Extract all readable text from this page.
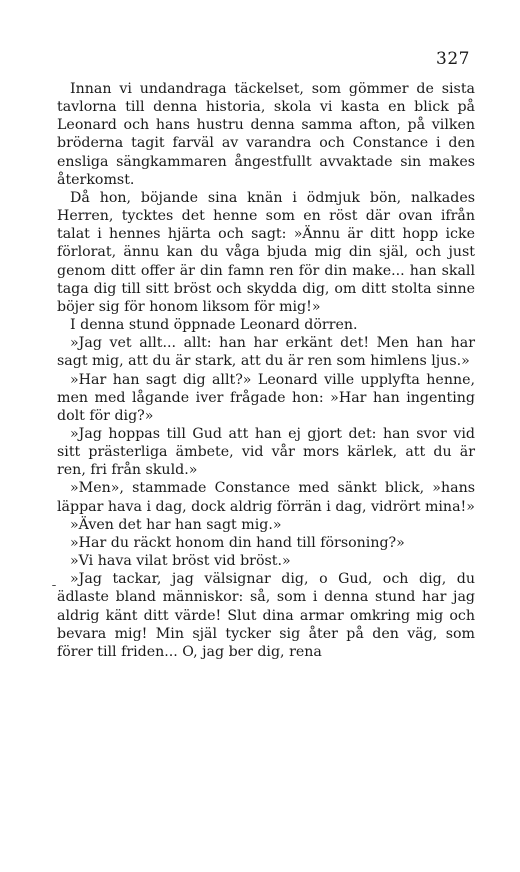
327

Innan vi undandraga täckelset, som gömmer de sista tavlorna till denna historia, skola vi kasta en blick på Leonard och hans hustru denna samma afton, på vilken bröderna tagit farväl av varandra och Constance i den ensliga sängkammaren ångestfullt avvaktade sin makes återkomst.

Då hon, böjande sina knän i ödmjuk bön, nalkades Herren, tycktes det henne som en röst där ovan ifrån talat i hennes hjärta och sagt: »Ännu är ditt hopp icke förlorat, ännu kan du våga bjuda mig din själ, och just genom ditt offer är din famn ren för din make... han skall taga dig till sitt bröst och skydda dig, om ditt stolta sinne böjer sig för honom liksom för mig!»

I denna stund öppnade Leonard dörren.

»Jag vet allt... allt: han har erkänt det! Men han har sagt mig, att du är stark, att du är ren som himlens ljus.»

»Har han sagt dig allt?» Leonard ville upplyfta henne, men med lågande iver frågade hon: »Har han ingenting dolt för dig?»

»Jag hoppas till Gud att han ej gjort det: han svor vid sitt prästerliga ämbete, vid vår mors kärlek, att du är ren, fri från skuld.»

»Men», stammade Constance med sänkt blick, »hans läppar hava i dag, dock aldrig förrän i dag, vidrört mina!»

»Även det har han sagt mig.»

»Har du räckt honom din hand till försoning?»

»Vi hava vilat bröst vid bröst.»

»Jag tackar, jag välsignar dig, o Gud, och dig, du ädlaste bland människor: så, som i denna stund har jag aldrig känt ditt värde! Slut dina armar omkring mig och bevara mig! Min själ tycker sig åter på den väg, som förer till friden... O, jag ber dig, rena

¯
